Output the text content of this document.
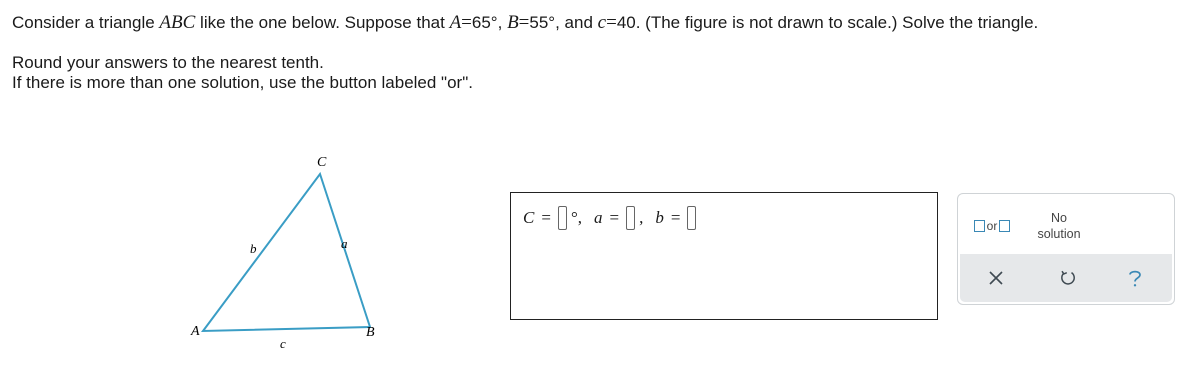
Consider a triangle ABC like the one below. Suppose that A=65°, B=55°, and c=40. (The figure is not drawn to scale.) Solve the triangle.
Round your answers to the nearest tenth.
If there is more than one solution, use the button labeled "or".
C
A	B
a
b
c
C = °, a = , b =	or
No
solution
